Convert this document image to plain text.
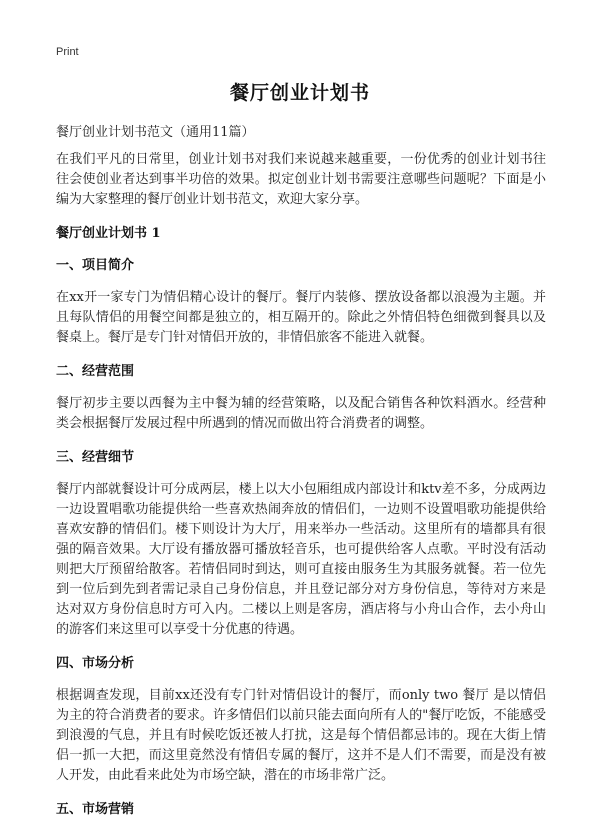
Print
餐厅创业计划书
餐厅创业计划书范文（通用11篇）

在我们平凡的日常里，创业计划书对我们来说越来越重要，一份优秀的创业计划书往往会使创业者达到事半功倍的效果。拟定创业计划书需要注意哪些问题呢？下面是小编为大家整理的餐厅创业计划书范文，欢迎大家分享。

餐厅创业计划书 1
一、项目简介

在xx开一家专门为情侣精心设计的餐厅。餐厅内装修、摆放设备都以浪漫为主题。并且每队情侣的用餐空间都是独立的，相互隔开的。除此之外情侣特色细微到餐具以及餐桌上。餐厅是专门针对情侣开放的，非情侣旅客不能进入就餐。

二、经营范围

餐厅初步主要以西餐为主中餐为辅的经营策略，以及配合销售各种饮料酒水。经营种类会根据餐厅发展过程中所遇到的情况而做出符合消费者的调整。

三、经营细节

餐厅内部就餐设计可分成两层，楼上以大小包厢组成内部设计和ktv差不多，分成两边一边设置唱歌功能提供给一些喜欢热闹奔放的情侣们，一边则不设置唱歌功能提供给喜欢安静的情侣们。楼下则设计为大厅，用来举办一些活动。这里所有的墙都具有很强的隔音效果。大厅设有播放器可播放轻音乐，也可提供给客人点歌。平时没有活动则把大厅预留给散客。若情侣同时到达，则可直接由服务生为其服务就餐。若一位先到一位后到先到者需记录自己身份信息，并且登记部分对方身份信息，等待对方来是达对双方身份信息时方可入内。二楼以上则是客房，酒店将与小舟山合作，去小舟山的游客们来这里可以享受十分优惠的待遇。

四、市场分析

根据调查发现，目前xx还没有专门针对情侣设计的餐厅，而only two 餐厅 是以情侣为主的符合消费者的要求。许多情侣们以前只能去面向所有人的"餐厅吃饭，不能感受到浪漫的气息，并且有时候吃饭还被人打扰，这是每个情侣都忌讳的。现在大街上情侣一抓一大把，而这里竟然没有情侣专属的餐厅，这并不是人们不需要，而是没有被人开发，由此看来此处为市场空缺，潜在的市场非常广泛。

五、市场营销
